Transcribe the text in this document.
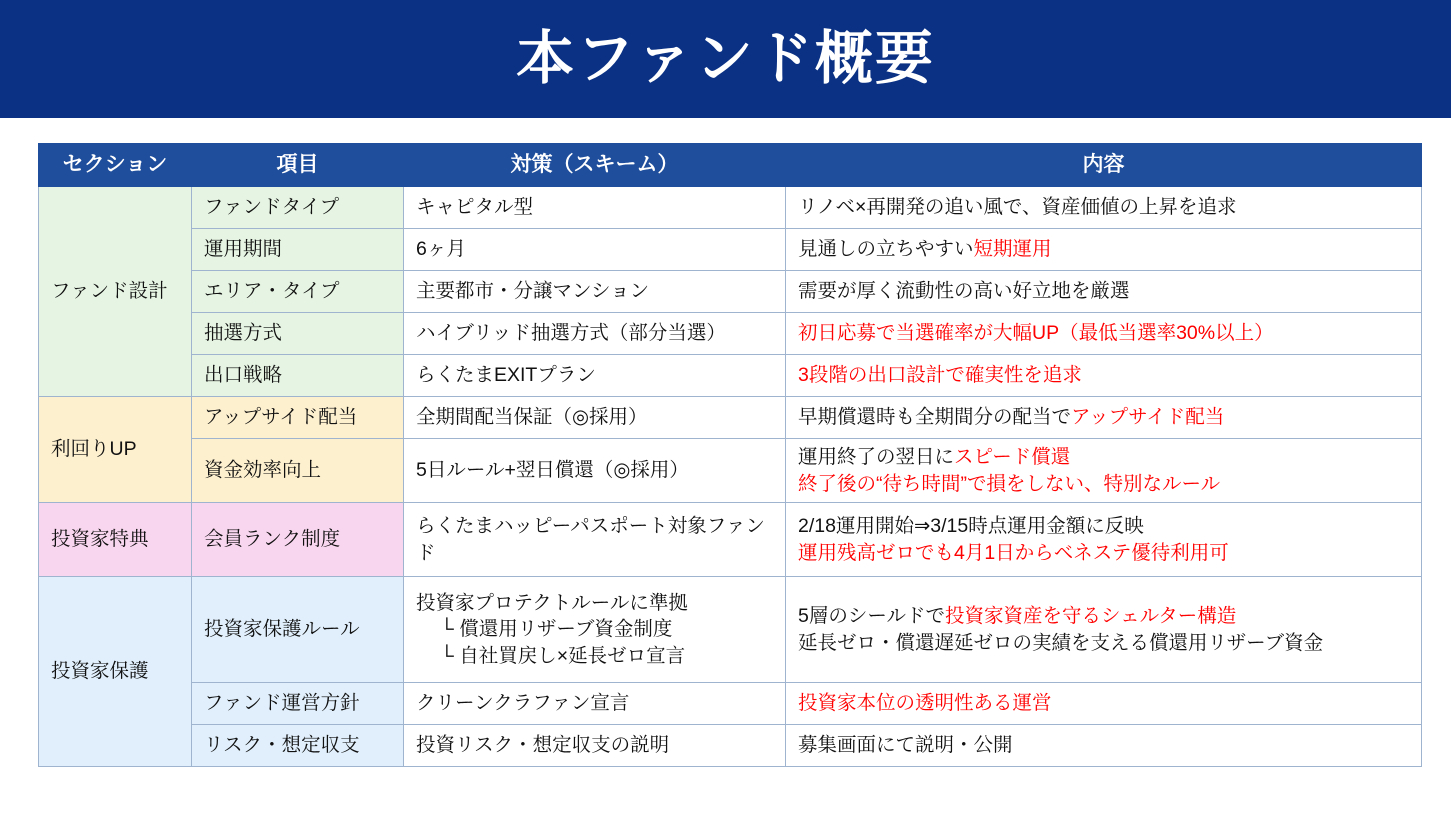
本ファンド概要
セクション	項目	対策（スキーム）	内容
ファンド設計	ファンドタイプ	キャピタル型	リノベ×再開発の追い風で、資産価値の上昇を追求
	運用期間	6ヶ月	見通しの立ちやすい短期運用
	エリア・タイプ	主要都市・分譲マンション	需要が厚く流動性の高い好立地を厳選
	抽選方式	ハイブリッド抽選方式（部分当選）	初日応募で当選確率が大幅UP（最低当選率30%以上）
	出口戦略	らくたまEXITプラン	3段階の出口設計で確実性を追求
利回りUP	アップサイド配当	全期間配当保証（◎採用）	早期償還時も全期間分の配当でアップサイド配当
	資金効率向上	5日ルール+翌日償還（◎採用）	運用終了の翌日にスピード償還
終了後の“待ち時間”で損をしない、特別なルール

投資家特典	会員ランク制度	らくたまハッピーパスポート対象ファンド	2/18運用開始⇒3/15時点運用金額に反映
運用残高ゼロでも4月1日からベネステ優待利用可

投資家保護	投資家保護ルール	投資家プロテクトルールに準拠
└ 償還用リザーブ資金制度
└ 自社買戻し×延長ゼロ宣言	5層のシールドで投資家資産を守るシェルター構造
延長ゼロ・償還遅延ゼロの実績を支える償還用リザーブ資金

	ファンド運営方針	クリーンクラファン宣言	投資家本位の透明性ある運営
	リスク・想定収支	投資リスク・想定収支の説明	募集画面にて説明・公開
